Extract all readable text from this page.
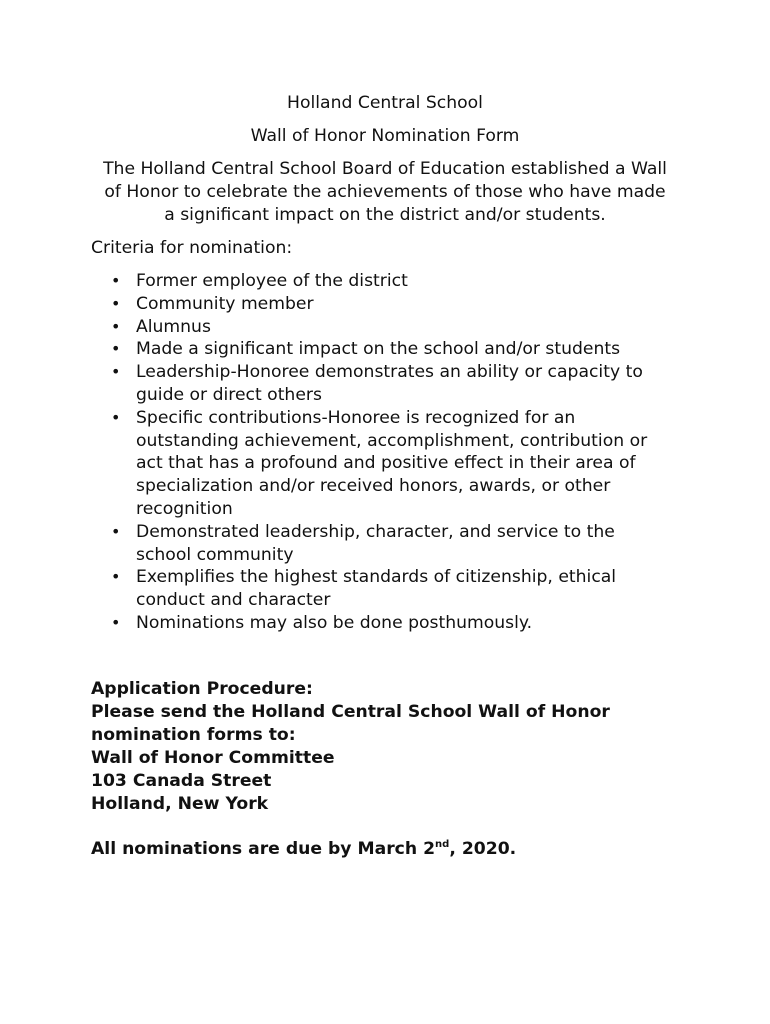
Holland Central School
Wall of Honor Nomination Form
The Holland Central School Board of Education established a Wall
of Honor to celebrate the achievements of those who have made
a significant impact on the district and/or students.
Criteria for nomination:
• Former employee of the district
• Community member
• Alumnus
• Made a significant impact on the school and/or students
• Leadership-Honoree demonstrates an ability or capacity to
guide or direct others
• Specific contributions-Honoree is recognized for an
outstanding achievement, accomplishment, contribution or
act that has a profound and positive effect in their area of
specialization and/or received honors, awards, or other
recognition
• Demonstrated leadership, character, and service to the
school community
• Exemplifies the highest standards of citizenship, ethical
conduct and character
• Nominations may also be done posthumously.
Application Procedure:
Please send the Holland Central School Wall of Honor
nomination forms to:
Wall of Honor Committee
103 Canada Street
Holland, New York
All nominations are due by March 2nd, 2020.
